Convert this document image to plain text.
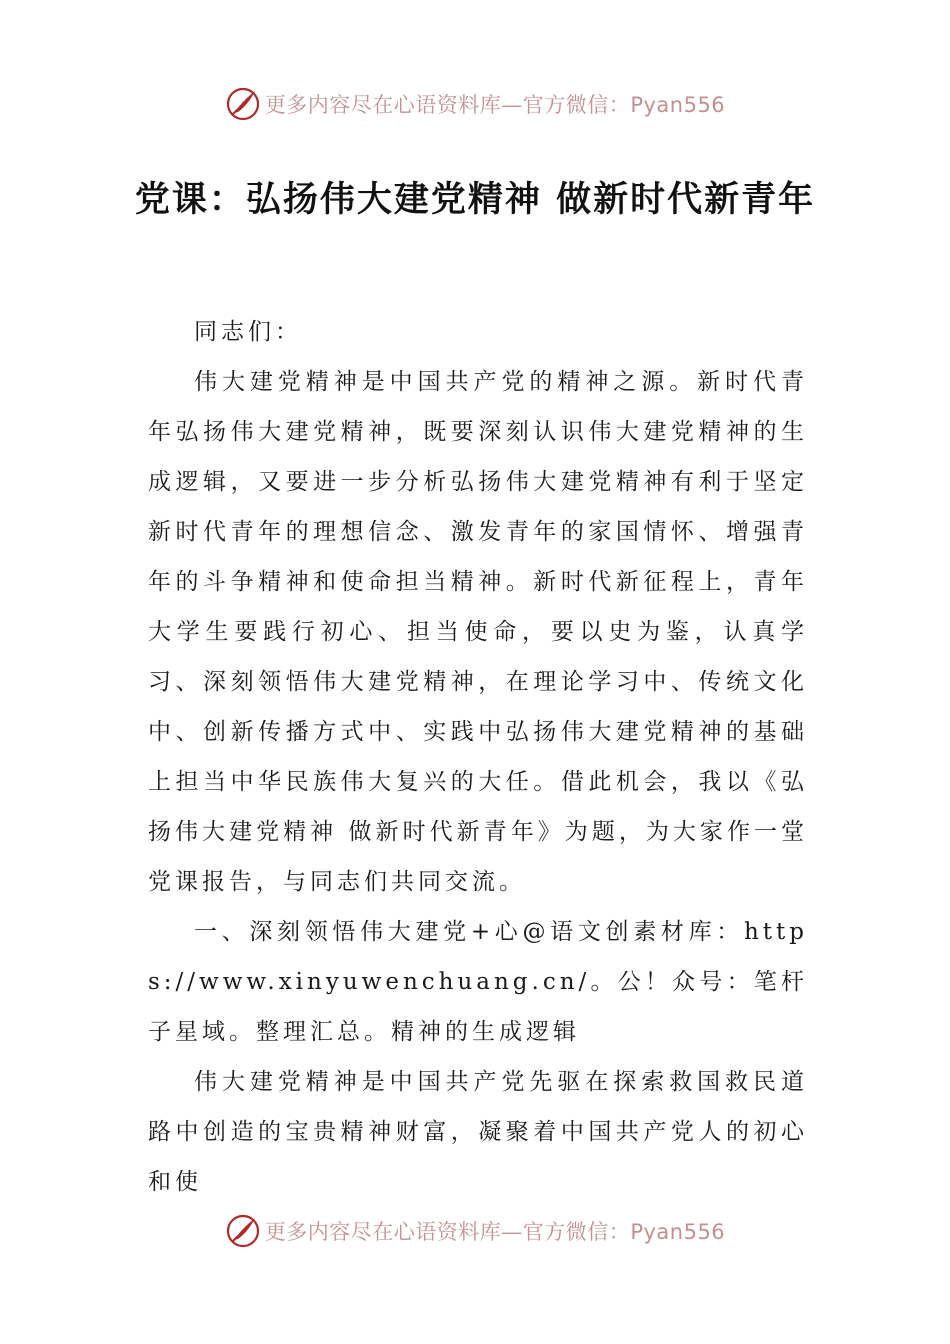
更多内容尽在心语资料库—官方微信：Pyan556
党课：弘扬伟大建党精神 做新时代新青年

同志们：

伟大建党精神是中国共产党的精神之源。新时代青年弘扬伟大建党精神，既要深刻认识伟大建党精神的生成逻辑，又要进一步分析弘扬伟大建党精神有利于坚定新时代青年的理想信念、激发青年的家国情怀、增强青年的斗争精神和使命担当精神。新时代新征程上，青年大学生要践行初心、担当使命，要以史为鉴，认真学习、深刻领悟伟大建党精神，在理论学习中、传统文化中、创新传播方式中、实践中弘扬伟大建党精神的基础上担当中华民族伟大复兴的大任。借此机会，我以《弘扬伟大建党精神 做新时代新青年》为题，为大家作一堂党课报告，与同志们共同交流。

一、深刻领悟伟大建党+心@语文创素材库：https://www.xinyuwenchuang.cn/。公！众号：笔杆子星域。整理汇总。精神的生成逻辑

伟大建党精神是中国共产党先驱在探索救国救民道路中创造的宝贵精神财富，凝聚着中国共产党人的初心和使

更多内容尽在心语资料库—官方微信：Pyan556
